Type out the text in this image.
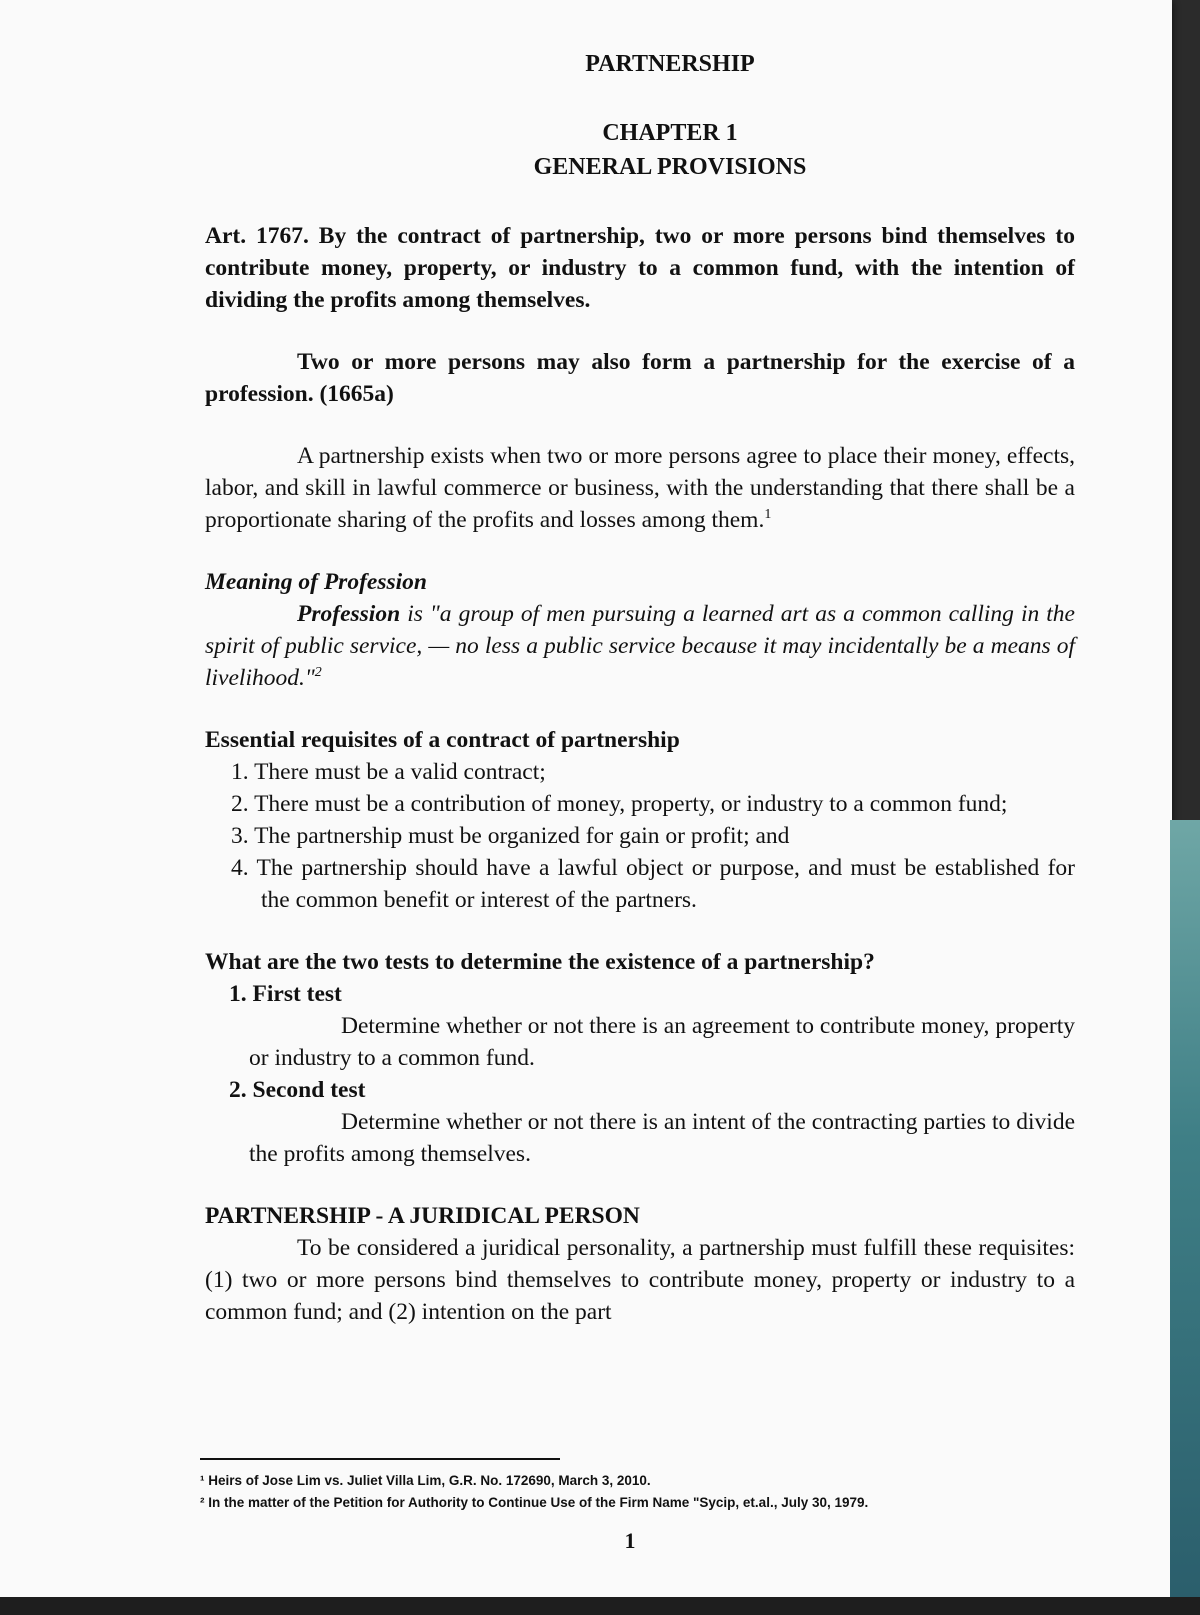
PARTNERSHIP
CHAPTER 1
GENERAL PROVISIONS

Art. 1767. By the contract of partnership, two or more persons bind themselves to contribute money, property, or industry to a common fund, with the intention of dividing the profits among themselves.

Two or more persons may also form a partnership for the exercise of a profession. (1665a)

A partnership exists when two or more persons agree to place their money, effects, labor, and skill in lawful commerce or business, with the understanding that there shall be a proportionate sharing of the profits and losses among them.$^1$

Meaning of Profession

Profession is "a group of men pursuing a learned art as a common calling in the spirit of public service, — no less a public service because it may incidentally be a means of livelihood."$^2$

Essential requisites of a contract of partnership
1. There must be a valid contract;
2. There must be a contribution of money, property, or industry to a common fund;
3. The partnership must be organized for gain or profit; and
4. The partnership should have a lawful object or purpose, and must be established for the common benefit or interest of the partners.
What are the two tests to determine the existence of a partnership?
1. First test

Determine whether or not there is an agreement to contribute money, property or industry to a common fund.

2. Second test

Determine whether or not there is an intent of the contracting parties to divide the profits among themselves.

PARTNERSHIP - A JURIDICAL PERSON

To be considered a juridical personality, a partnership must fulfill these requisites: (1) two or more persons bind themselves to contribute money, property or industry to a common fund; and (2) intention on the part

¹ Heirs of Jose Lim vs. Juliet Villa Lim, G.R. No. 172690, March 3, 2010.
² In the matter of the Petition for Authority to Continue Use of the Firm Name "Sycip, et.al., July 30, 1979.
1
